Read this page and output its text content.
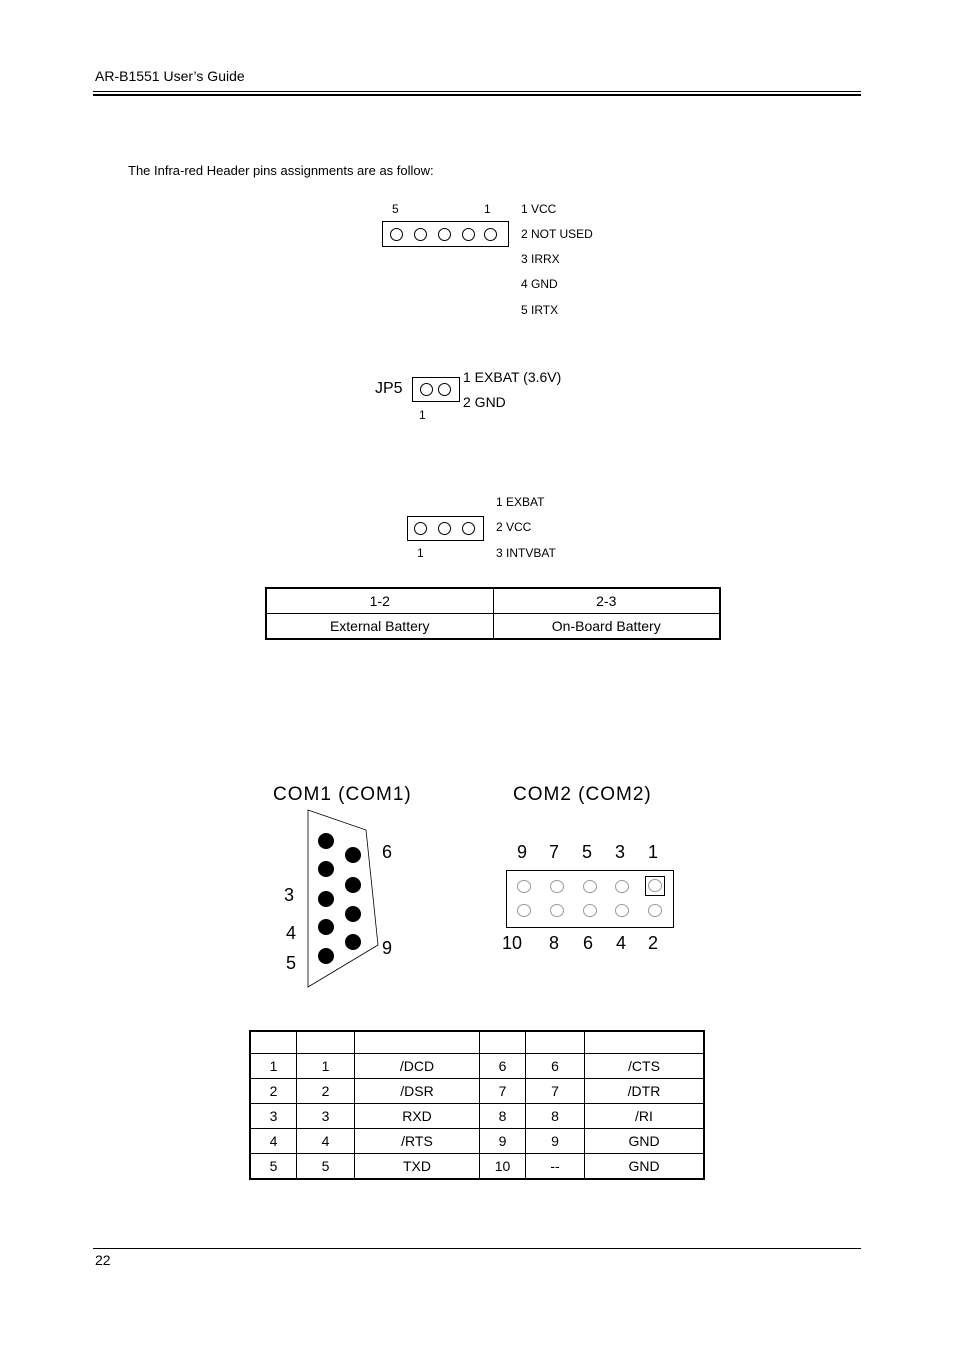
AR-B1551 User’s Guide
The Infra-red Header pins assignments are as follow:
5	1	1 VCC
2 NOT USED
3 IRRX
4 GND
5 IRTX
JP5
1 EXBAT (3.6V)
2 GND
1
1 EXBAT
2 VCC
3 INTVBAT
1
1-2	2-3
External Battery	On-Board Battery
COM1 (COM1)
6
3
4
5
9
COM2 (COM2)
9 7 5 3 1
10 8 6 4 2

1	1	/DCD	6	6	/CTS
2	2	/DSR	7	7	/DTR
3	3	RXD	8	8	/RI
4	4	/RTS	9	9	GND
5	5	TXD	10	--	GND
22
